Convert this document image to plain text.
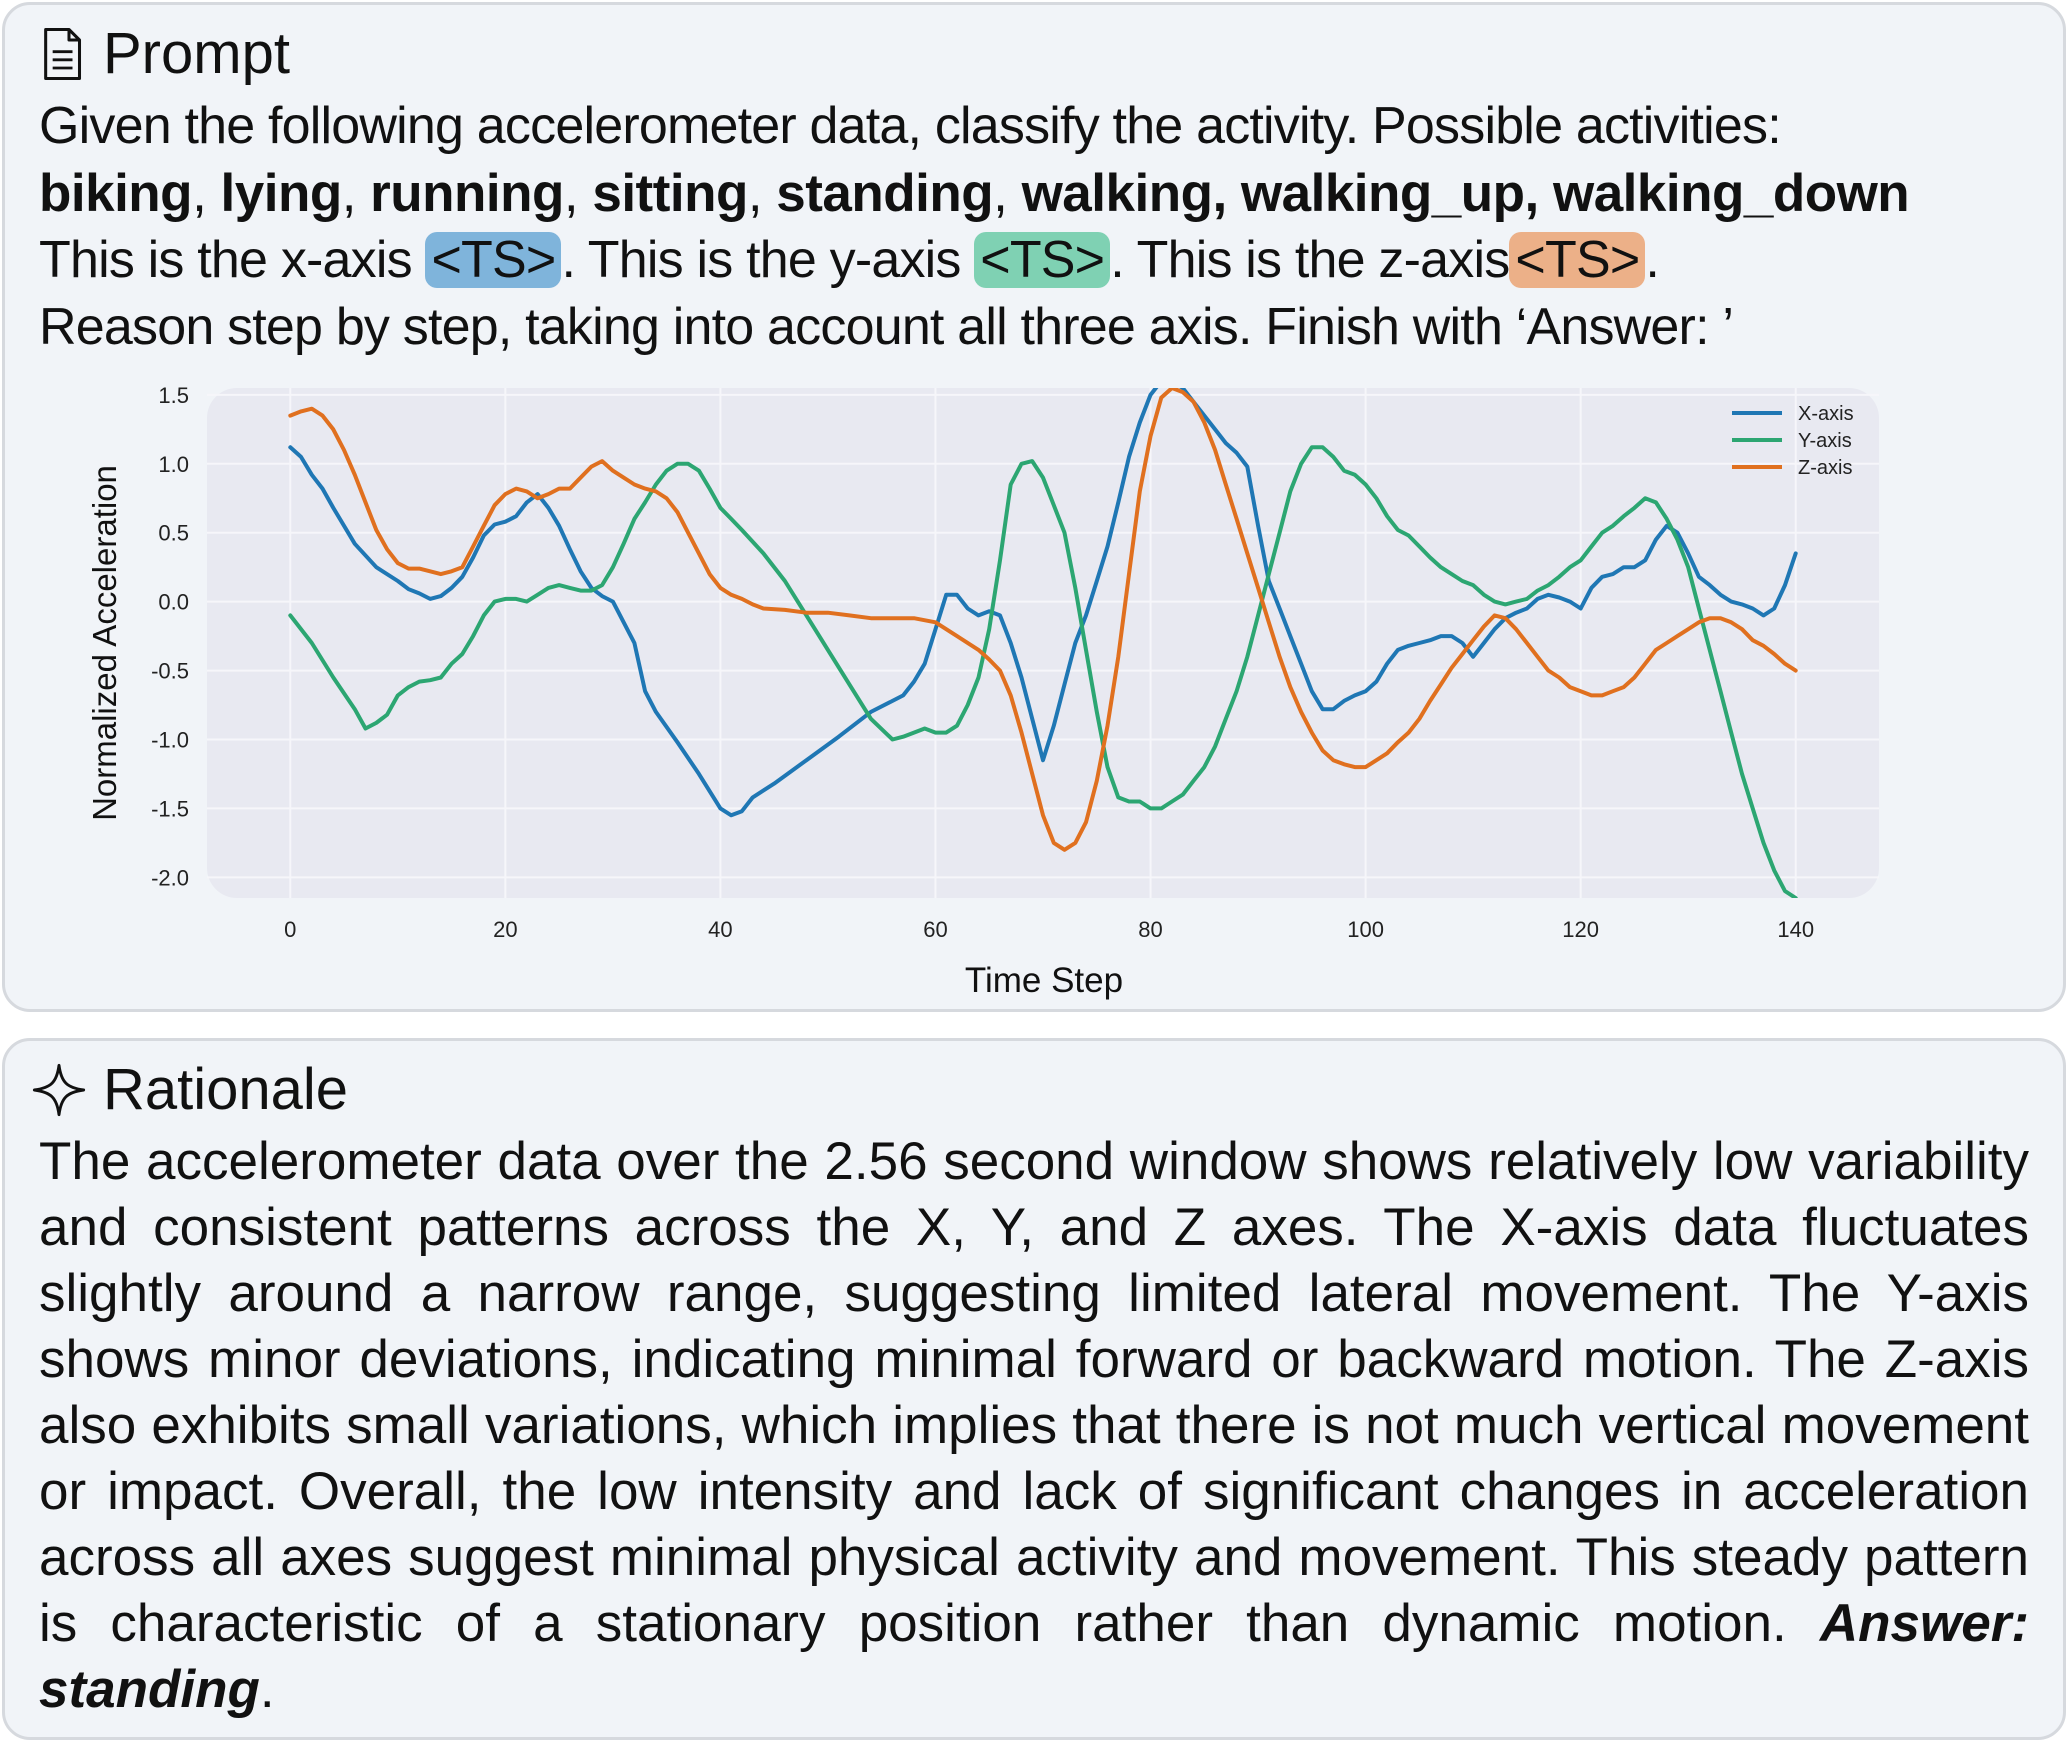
Prompt
Given the following accelerometer data, classify the activity. Possible activities:
biking, lying, running, sitting, standing, walking, walking_up, walking_down
This is the x-axis <TS> . This is the y-axis <TS> . This is the z-axis <TS> .
Reason step by step, taking into account all three axis. Finish with ‘Answer: ’
-2.0
-1.5
-1.0
-0.5
0.0
0.5
1.0
1.5
0	20	40	60	80	100	120	140
Normalized Acceleration
Time Step
X-axis
Y-axis
Z-axis
Rationale
The accelerometer data over the 2.56 second window shows relatively low variability and consistent patterns across the X, Y, and Z axes. The X-axis data fluctuates slightly around a narrow range, suggesting limited lateral movement. The Y-axis shows minor deviations, indicating minimal forward or backward motion. The Z-axis also exhibits small variations, which implies that there is not much vertical movement or impact. Overall, the low intensity and lack of significant changes in acceleration across all axes suggest minimal physical activity and movement. This steady pattern is characteristic of a stationary position rather than dynamic motion. Answer: standing.
